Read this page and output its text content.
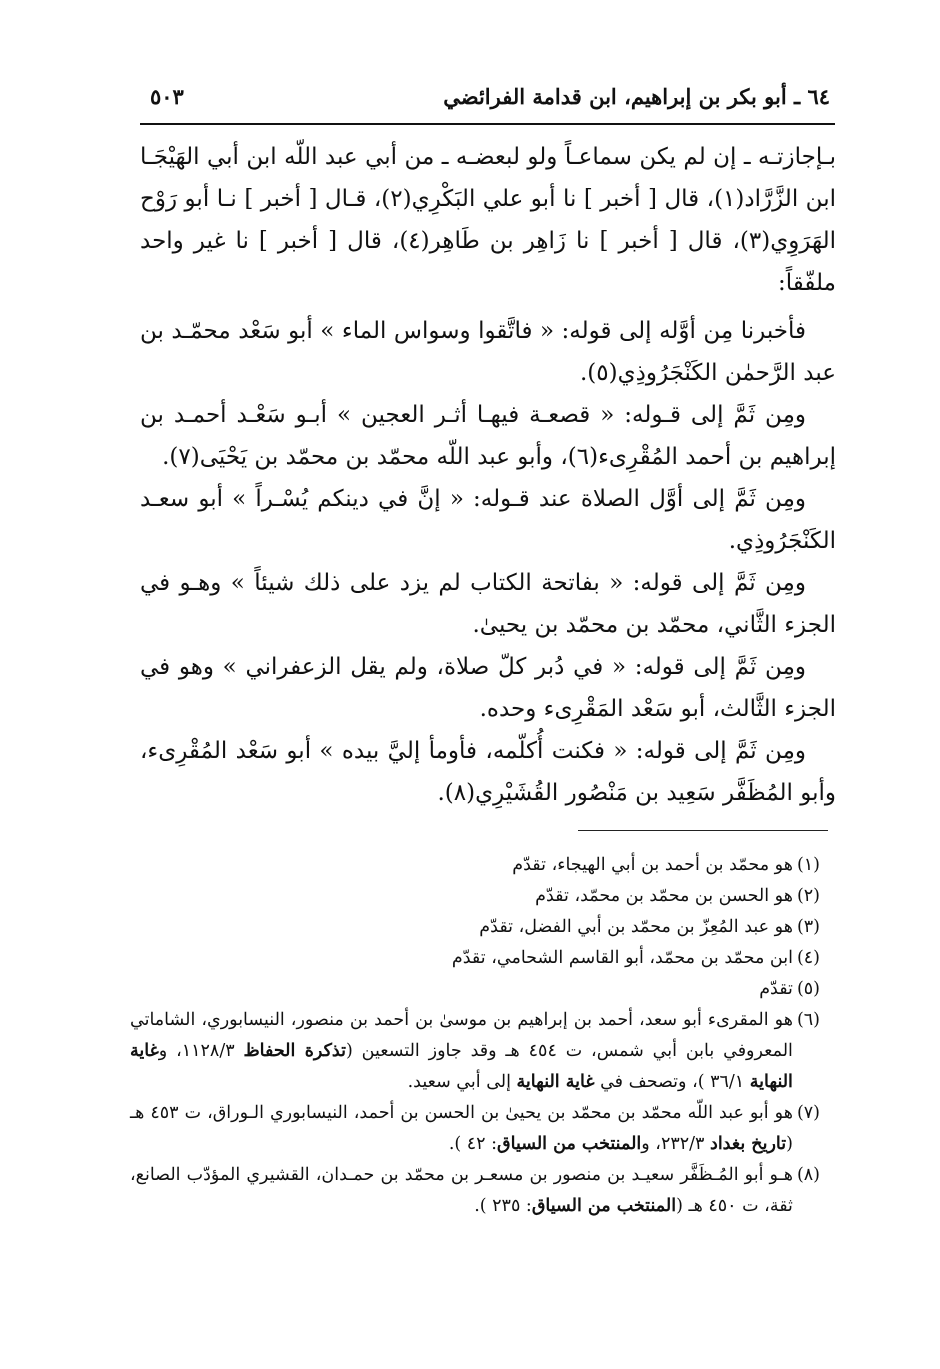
٦٤ ـ أبو بكر بن إبراهيم، ابن قدامة الفرائضي
٥٠٣

بـإجازتـه ـ إن لم يكن سماعـاً ولو لبعضـه ـ من أبي عبد اللّه ابن أبي الهَيْجَـا ابن الزَّرَّاد(١)، قال [ أخبر ] نا أبو علي البَكْرِي(٢)، قـال [ أخبر ] نـا أبو رَوْح الهَرَوِي(٣)، قال [ أخبر ] نا زَاهِر بن طَاهِر(٤)، قال [ أخبر ] نا غير واحد ملفّقاً:

فأخبرنا مِن أوَّله إلى قوله: « فاتَّقوا وسواس الماء » أبو سَعْد محمّـد بن عبد الرَّحمٰن الكَنْجَرُوذِي(٥).

ومِن ثَمَّ إلى قـوله: « قصعـة فيهـا أثـر العجين » أبـو سَعْـد أحمـد بن إبراهيم بن أحمد المُقْرِىء(٦)، وأبو عبد اللّه محمّد بن محمّد بن يَحْيَى(٧).

ومِن ثَمَّ إلى أوَّل الصلاة عند قـوله: « إنَّ في دينكم يُسْـراً » أبو سعـد الكَنْجَرُوذِي.

ومِن ثَمَّ إلى قوله: « بفاتحة الكتاب لم يزد على ذلك شيئاً » وهـو في الجزء الثَّاني، محمّد بن محمّد بن يحيىٰ.

ومِن ثَمَّ إلى قوله: « في دُبر كلّ صلاة، ولم يقل الزعفراني » وهو في الجزء الثَّالث، أبو سَعْد المَقْرِىء وحده.

ومِن ثَمَّ إلى قوله: « فكنت أُكلّمه، فأومأ إليَّ بيده » أبو سَعْد المُقْرِىء، وأبو المُظَفَّر سَعِيد بن مَنْصُور القُشَيْرِي(٨).

(١)
هو محمّد بن أحمد بن أبي الهيجاء، تقدّم
(٢)
هو الحسن بن محمّد بن محمّد، تقدّم
(٣)
هو عبد المُعِزّ بن محمّد بن أبي الفضل، تقدّم
(٤)
ابن محمّد بن محمّد، أبو القاسم الشحامي، تقدّم
(٥)
تقدّم
(٦)
هو المقرىء أبو سعد، أحمد بن إبراهيم بن موسىٰ بن أحمد بن منصور، النيسابوري، الشاماتي المعروفي بابن أبي شمس، ت ٤٥٤ هـ وقد جاوز التسعين (تذكرة الحفاظ ١١٢٨/٣، وغاية النهاية ٣٦/١ )، وتصحف في غاية النهاية إلى أبي سعيد.
(٧)
هو أبو عبد اللّه محمّد بن محمّد بن يحيىٰ بن الحسن بن أحمد، النيسابوري الـوراق، ت ٤٥٣ هـ (تاريخ بغداد ٢٣٢/٣، والمنتخب من السياق: ٤٢ ).
(٨)
هـو أبو المُـظَفَّر سعيـد بن منصور بن مسعـر بن محمّد بن حمـدان، القشيري المؤدّب الصانع، ثقة، ت ٤٥٠ هـ (المنتخب من السياق: ٢٣٥ ).
